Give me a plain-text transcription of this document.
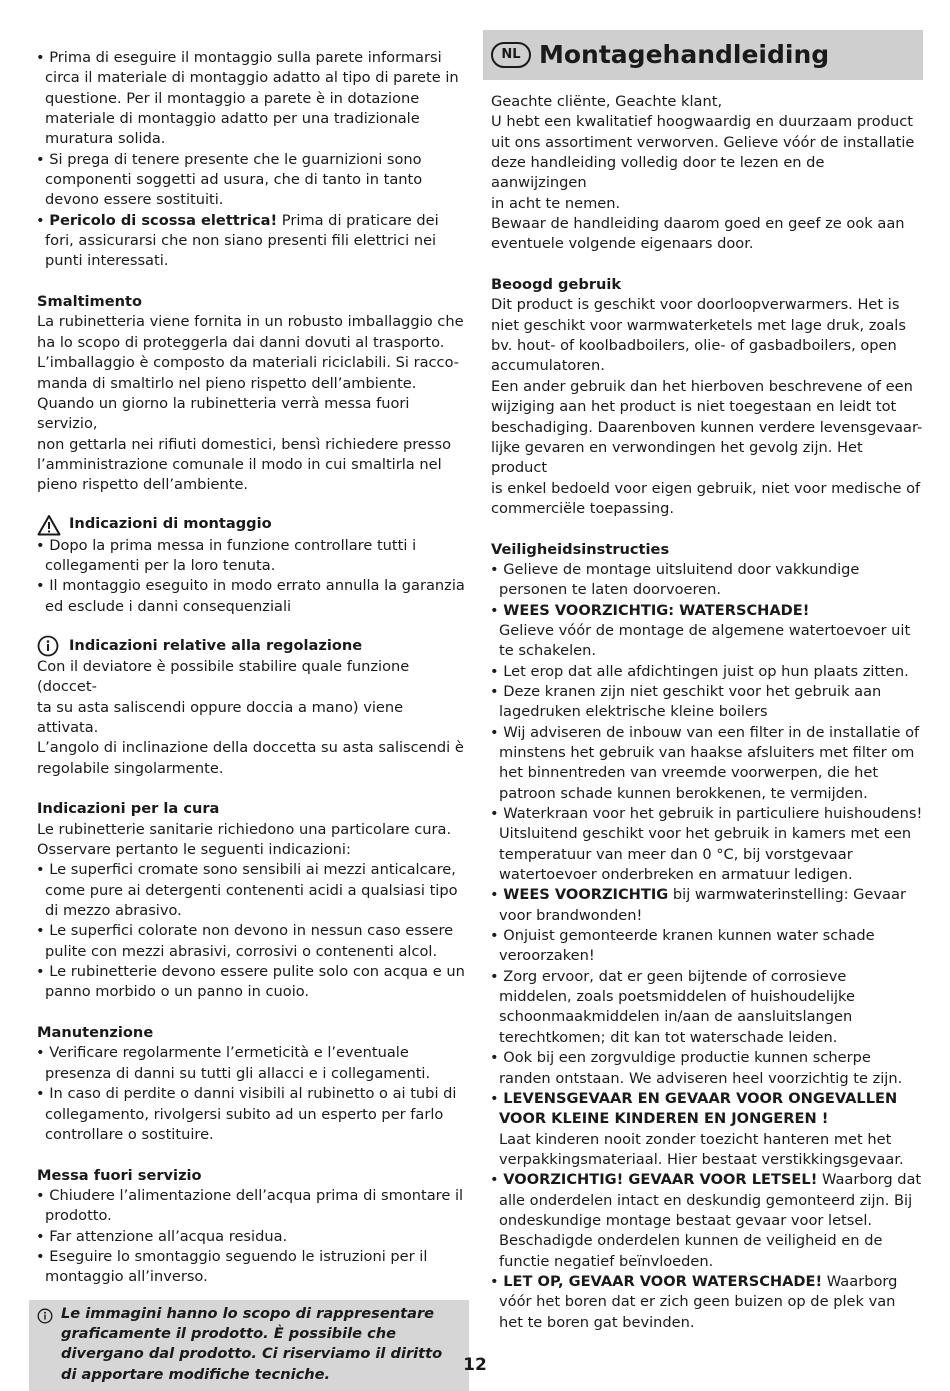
• Prima di eseguire il montaggio sulla parete informarsi circa il materiale di montaggio adatto al tipo di parete in questione. Per il montaggio a parete è in dotazione materiale di montaggio adatto per una tradizionale muratura solida.

• Si prega di tenere presente che le guarnizioni sono componenti soggetti ad usura, che di tanto in tanto devono essere sostituiti.

• Pericolo di scossa elettrica! Prima di praticare dei fori, assicurarsi che non siano presenti fili elettrici nei punti interessati.

Smaltimento

La rubinetteria viene fornita in un robusto imballaggio che

ha lo scopo di proteggerla dai danni dovuti al trasporto.

L’imballaggio è composto da materiali riciclabili. Si racco-

manda di smaltirlo nel pieno rispetto dell’ambiente.

Quando un giorno la rubinetteria verrà messa fuori servizio,

non gettarla nei rifiuti domestici, bensì richiedere presso

l’amministrazione comunale il modo in cui smaltirla nel

pieno rispetto dell’ambiente.

Indicazioni di montaggio

• Dopo la prima messa in funzione controllare tutti i collegamenti per la loro tenuta.

• Il montaggio eseguito in modo errato annulla la garanzia ed esclude i danni consequenziali

Indicazioni relative alla regolazione

Con il deviatore è possibile stabilire quale funzione (doccet-

ta su asta saliscendi oppure doccia a mano) viene attivata.

L’angolo di inclinazione della doccetta su asta saliscendi è

regolabile singolarmente.

Indicazioni per la cura

Le rubinetterie sanitarie richiedono una particolare cura.

Osservare pertanto le seguenti indicazioni:

• Le superfici cromate sono sensibili ai mezzi anticalcare, come pure ai detergenti contenenti acidi a qualsiasi tipo di mezzo abrasivo.

• Le superfici colorate non devono in nessun caso essere pulite con mezzi abrasivi, corrosivi o contenenti alcol.

• Le rubinetterie devono essere pulite solo con acqua e un panno morbido o un panno in cuoio.

Manutenzione

• Verificare regolarmente l’ermeticità e l’eventuale presenza di danni su tutti gli allacci e i collegamenti.

• In caso di perdite o danni visibili al rubinetto o ai tubi di collegamento, rivolgersi subito ad un esperto per farlo controllare o sostituire.

Messa fuori servizio

• Chiudere l’alimentazione dell’acqua prima di smontare il prodotto.

• Far attenzione all’acqua residua.

• Eseguire lo smontaggio seguendo le istruzioni per il montaggio all’inverso.

Le immagini hanno lo scopo di rappresentare graficamente il prodotto. È possibile che divergano dal prodotto. Ci riserviamo il diritto di apportare modifiche tecniche.
NL Montagehandleiding

Geachte cliënte, Geachte klant,

U hebt een kwalitatief hoogwaardig en duurzaam product

uit ons assortiment verworven. Gelieve vóór de installatie

deze handleiding volledig door te lezen en de aanwijzingen

in acht te nemen.

Bewaar de handleiding daarom goed en geef ze ook aan

eventuele volgende eigenaars door.

Beoogd gebruik

Dit product is geschikt voor doorloopverwarmers. Het is

niet geschikt voor warmwaterketels met lage druk, zoals

bv. hout- of koolbadboilers, olie- of gasbadboilers, open

accumulatoren.

Een ander gebruik dan het hierboven beschrevene of een

wijziging aan het product is niet toegestaan en leidt tot

beschadiging. Daarenboven kunnen verdere levensgevaar-

lijke gevaren en verwondingen het gevolg zijn. Het product

is enkel bedoeld voor eigen gebruik, niet voor medische of

commerciële toepassing.

Veiligheidsinstructies

• Gelieve de montage uitsluitend door vakkundige personen te laten doorvoeren.

• WEES VOORZICHTIG: WATERSCHADE!
Gelieve vóór de montage de algemene watertoevoer uit te schakelen.

• Let erop dat alle afdichtingen juist op hun plaats zitten.

• Deze kranen zijn niet geschikt voor het gebruik aan lagedruken elektrische kleine boilers

• Wij adviseren de inbouw van een filter in de installatie of minstens het gebruik van haakse afsluiters met filter om het binnentreden van vreemde voorwerpen, die het patroon schade kunnen berokkenen, te vermijden.

• Waterkraan voor het gebruik in particuliere huishoudens! Uitsluitend geschikt voor het gebruik in kamers met een temperatuur van meer dan 0 °C, bij vorstgevaar watertoevoer onderbreken en armatuur ledigen.

• WEES VOORZICHTIG bij warmwaterinstelling: Gevaar voor brandwonden!

• Onjuist gemonteerde kranen kunnen water schade veroorzaken!

• Zorg ervoor, dat er geen bijtende of corrosieve middelen, zoals poetsmiddelen of huishoudelijke schoonmaakmiddelen in/aan de aansluitslangen terechtkomen; dit kan tot waterschade leiden.

• Ook bij een zorgvuldige productie kunnen scherpe randen ontstaan. We adviseren heel voorzichtig te zijn.

• LEVENSGEVAAR EN GEVAAR VOOR ONGEVALLEN VOOR KLEINE KINDEREN EN JONGEREN !
Laat kinderen nooit zonder toezicht hanteren met het verpakkingsmateriaal. Hier bestaat verstikkingsgevaar.

• VOORZICHTIG! GEVAAR VOOR LETSEL! Waarborg dat alle onderdelen intact en deskundig gemonteerd zijn. Bij ondeskundige montage bestaat gevaar voor letsel. Beschadigde onderdelen kunnen de veiligheid en de functie negatief beïnvloeden.

• LET OP, GEVAAR VOOR WATERSCHADE! Waarborg vóór het boren dat er zich geen buizen op de plek van het te boren gat bevinden.

12
